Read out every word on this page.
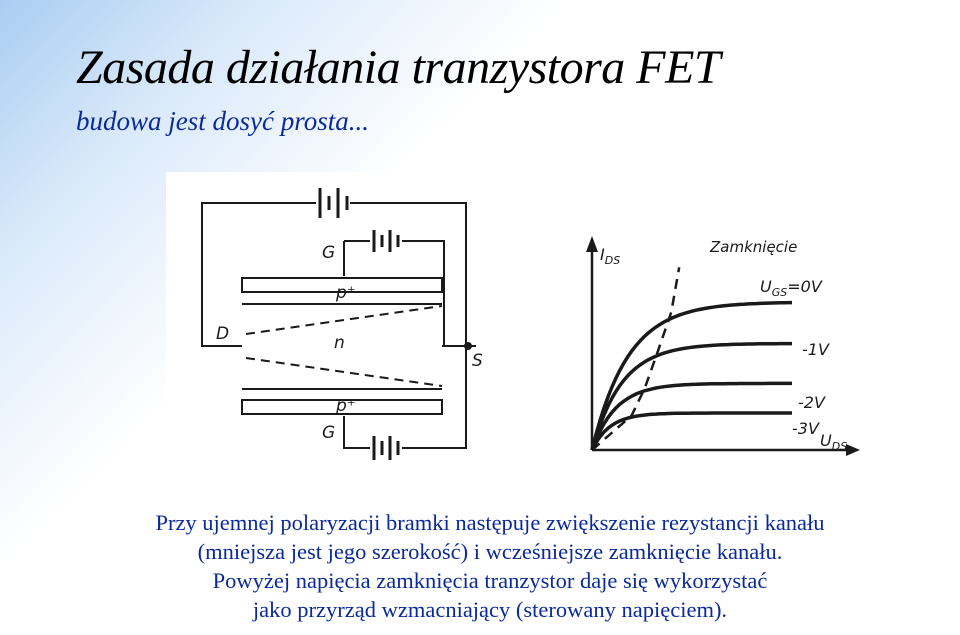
Zasada działania tranzystora FET
budowa jest dosyć prosta...
G
p⁺
D	n
S
p⁺
G
$I_{DS}$
$U_{DS}$
Zamknięcie
$U_{GS}=0V$
-1V
-2V
-3V
Przy ujemnej polaryzacji bramki następuje zwiększenie rezystancji kanału
(mniejsza jest jego szerokość) i wcześniejsze zamknięcie kanału.
Powyżej napięcia zamknięcia tranzystor daje się wykorzystać
jako przyrząd wzmacniający (sterowany napięciem).
